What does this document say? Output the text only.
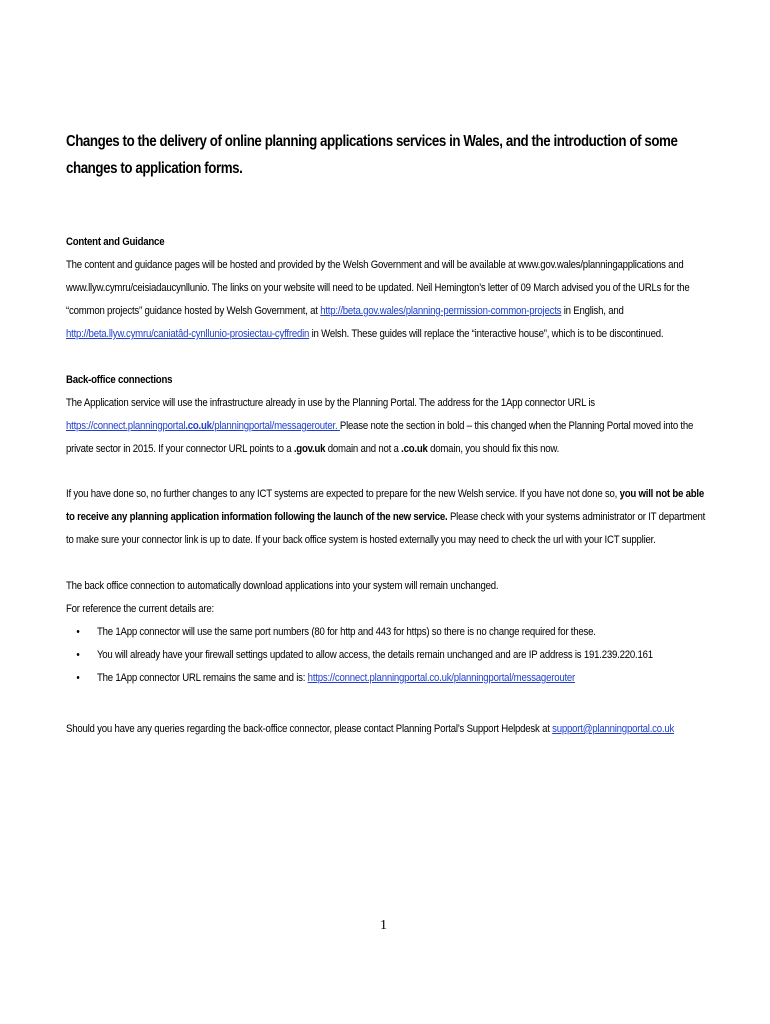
Changes to the delivery of online planning applications services in Wales, and the introduction of some changes to application forms.
Content and Guidance

The content and guidance pages will be hosted and provided by the Welsh Government and will be available at www.gov.wales/planningapplications and www.llyw.cymru/ceisiadaucynllunio. The links on your website will need to be updated. Neil Hemington’s letter of 09 March advised you of the URLs for the “common projects” guidance hosted by Welsh Government, at http://beta.gov.wales/planning-permission-common-projects in English, and
http://beta.llyw.cymru/caniatâd-cynllunio-prosiectau-cyffredin in Welsh. These guides will replace the “interactive house”, which is to be discontinued.

Back-office connections

The Application service will use the infrastructure already in use by the Planning Portal. The address for the 1App connector URL is
https://connect.planningportal.co.uk/planningportal/messagerouter. Please note the section in bold – this changed when the Planning Portal moved into the private sector in 2015. If your connector URL points to a .gov.uk domain and not a .co.uk domain, you should fix this now.

If you have done so, no further changes to any ICT systems are expected to prepare for the new Welsh service. If you have not done so, you will not be able to receive any planning application information following the launch of the new service. Please check with your systems administrator or IT department to make sure your connector link is up to date. If your back office system is hosted externally you may need to check the url with your ICT supplier.

The back office connection to automatically download applications into your system will remain unchanged.
For reference the current details are:
• The 1App connector will use the same port numbers (80 for http and 443 for https) so there is no change required for these.
• You will already have your firewall settings updated to allow access, the details remain unchanged and are IP address is 191.239.220.161
• The 1App connector URL remains the same and is: https://connect.planningportal.co.uk/planningportal/messagerouter

Should you have any queries regarding the back-office connector, please contact Planning Portal’s Support Helpdesk at support@planningportal.co.uk

1
